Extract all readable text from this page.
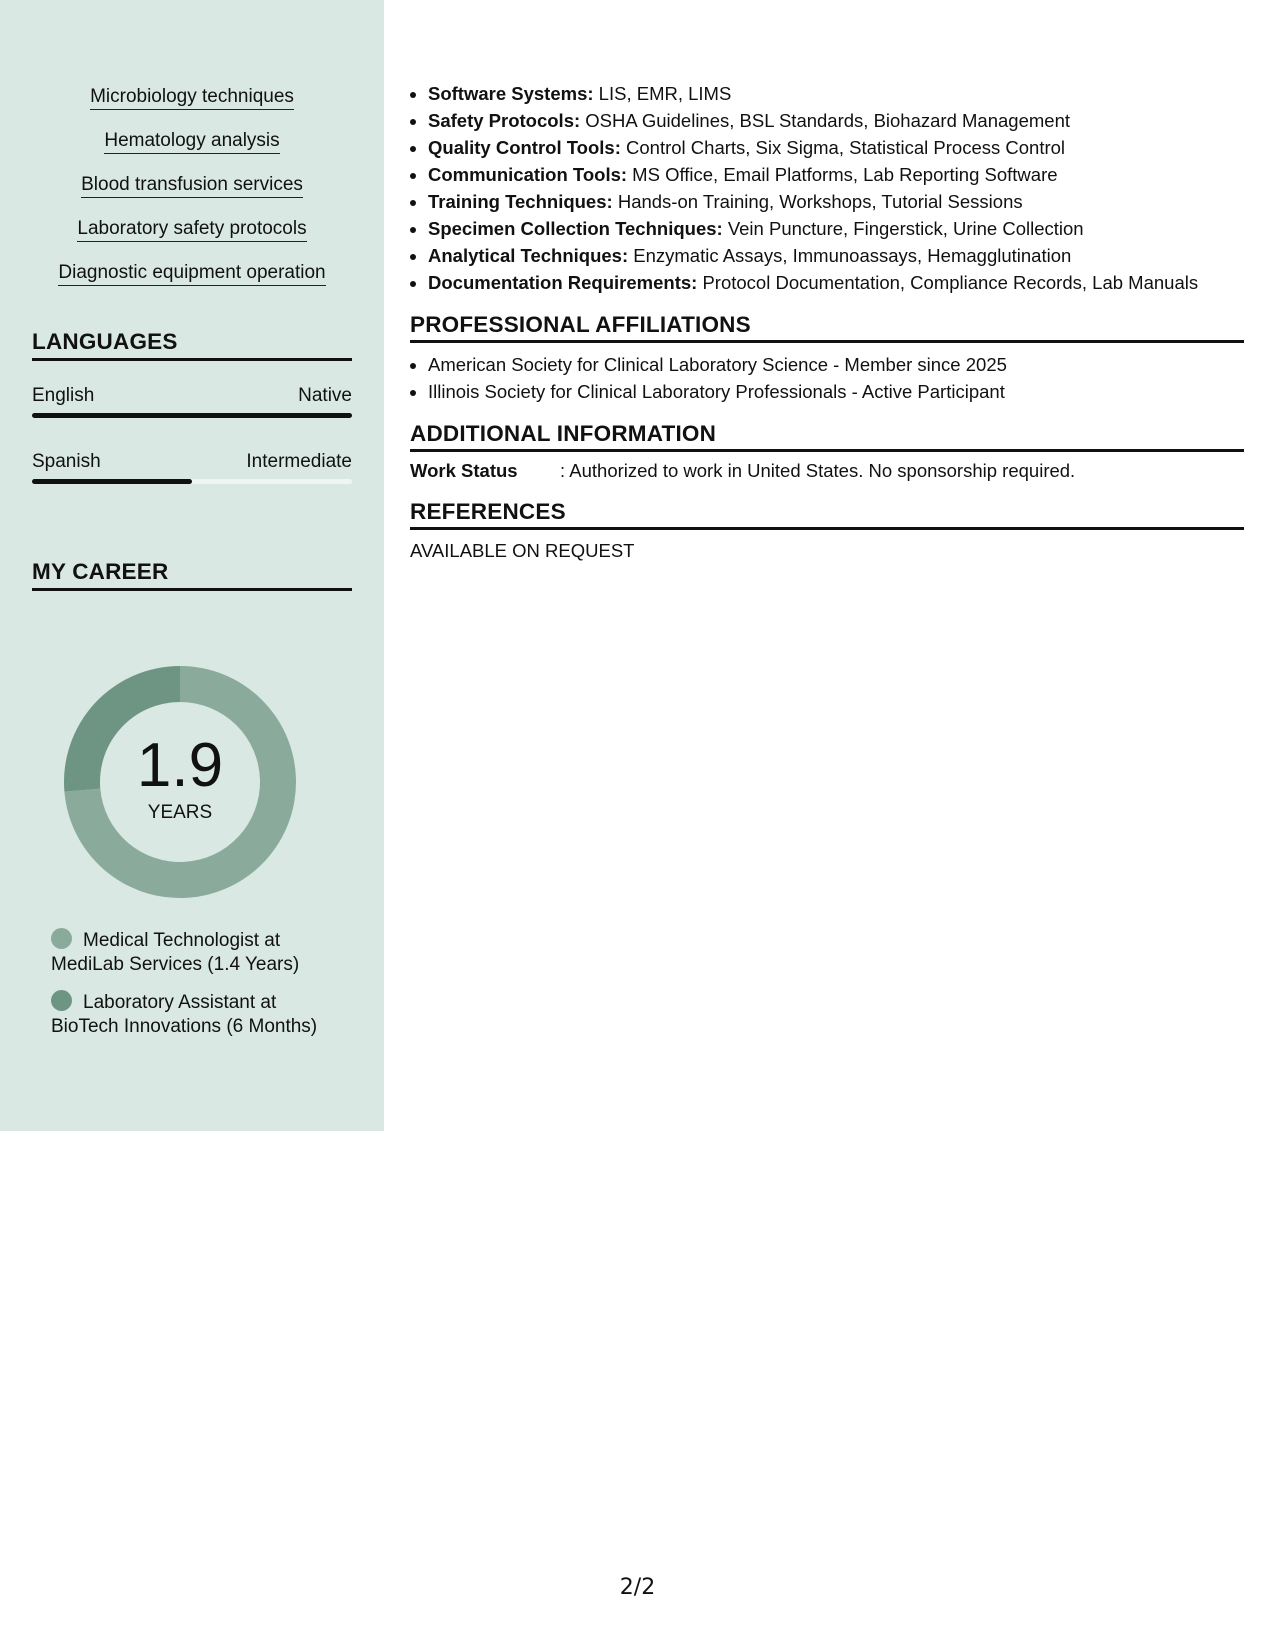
Microbiology techniques
Hematology analysis
Blood transfusion services
Laboratory safety protocols
Diagnostic equipment operation
LANGUAGES
English	Native
Spanish	Intermediate
MY CAREER
1.9
YEARS
Medical Technologist at
MediLab Services (1.4 Years)
Laboratory Assistant at
BioTech Innovations (6 Months)
• Software Systems: LIS, EMR, LIMS
• Safety Protocols: OSHA Guidelines, BSL Standards, Biohazard Management
• Quality Control Tools: Control Charts, Six Sigma, Statistical Process Control
• Communication Tools: MS Office, Email Platforms, Lab Reporting Software
• Training Techniques: Hands-on Training, Workshops, Tutorial Sessions
• Specimen Collection Techniques: Vein Puncture, Fingerstick, Urine Collection
• Analytical Techniques: Enzymatic Assays, Immunoassays, Hemagglutination
• Documentation Requirements: Protocol Documentation, Compliance Records, Lab Manuals
PROFESSIONAL AFFILIATIONS
• American Society for Clinical Laboratory Science - Member since 2025
• Illinois Society for Clinical Laboratory Professionals - Active Participant
ADDITIONAL INFORMATION
Work Status : Authorized to work in United States. No sponsorship required.
REFERENCES
AVAILABLE ON REQUEST
2/2
